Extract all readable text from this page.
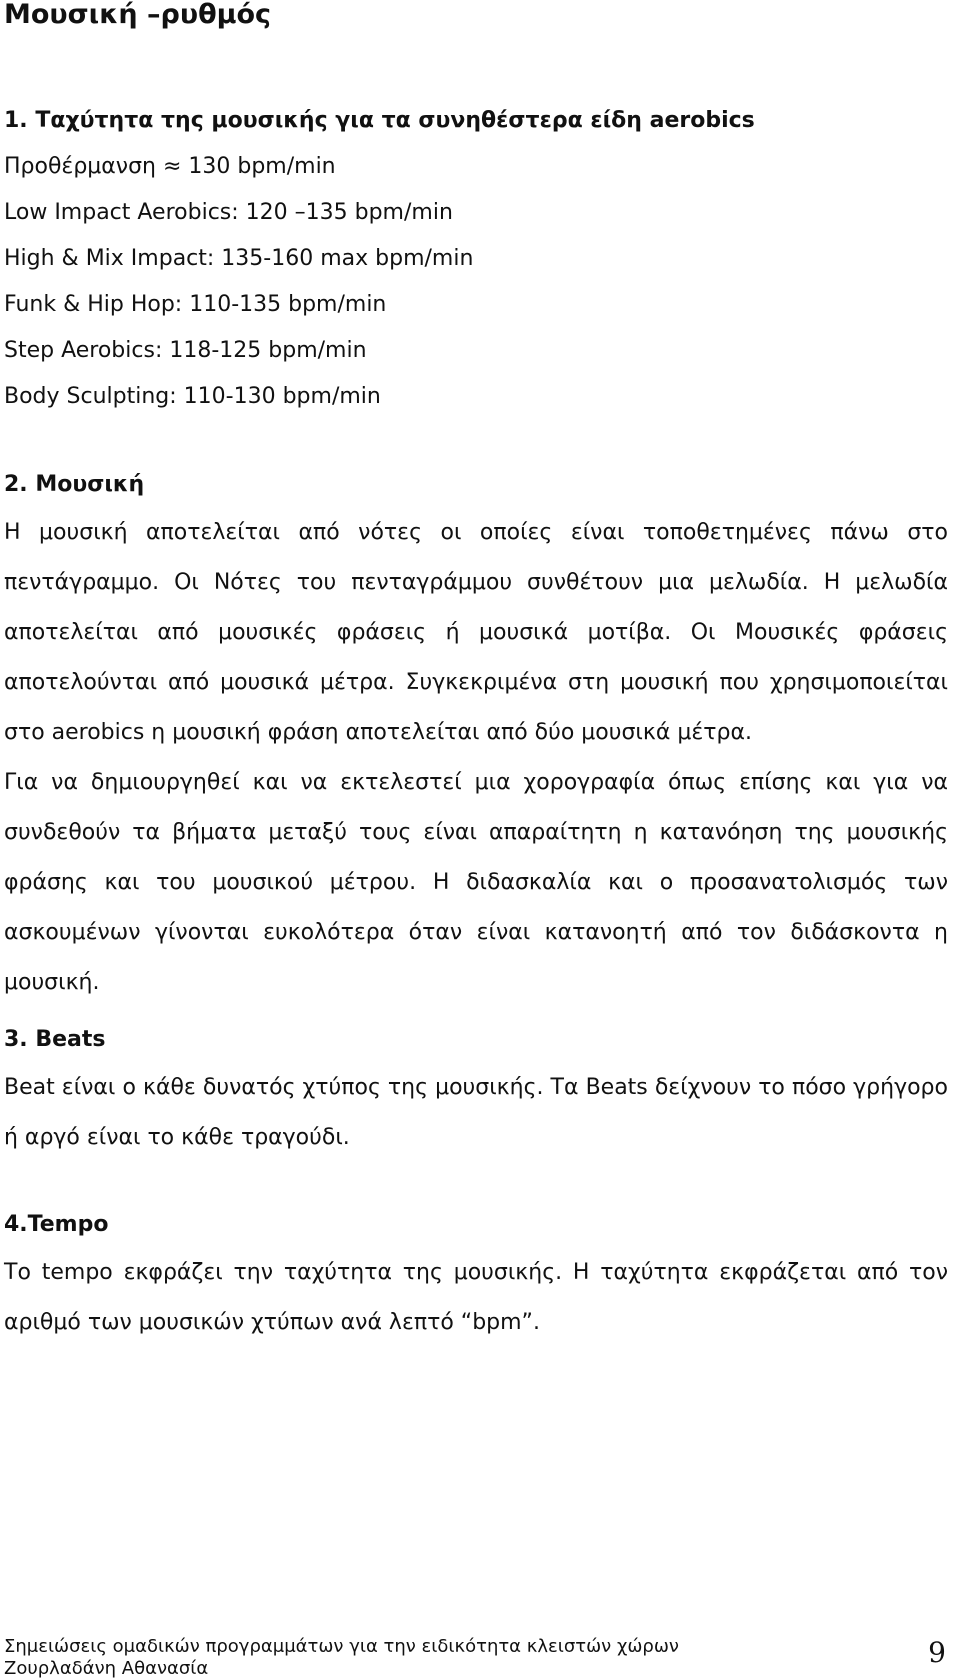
Μουσική –ρυθμός
1. Ταχύτητα της μουσικής για τα συνηθέστερα είδη aerobics
Προθέρμανση ≈ 130 bpm/min
Low Impact Aerobics: 120 –135 bpm/min
High & Mix Impact: 135-160 max bpm/min
Funk & Hip Hop: 110-135 bpm/min
Step Aerobics: 118-125 bpm/min
Body Sculpting: 110-130 bpm/min
2. Μουσική

Η μουσική αποτελείται από νότες οι οποίες είναι τοποθετημένες πάνω στο πεντάγραμμο. Οι Νότες του πενταγράμμου συνθέτουν μια μελωδία. Η μελωδία αποτελείται από μουσικές φράσεις ή μουσικά μοτίβα. Οι Μουσικές φράσεις αποτελούνται από μουσικά μέτρα. Συγκεκριμένα στη μουσική που χρησιμοποιείται στο aerobics η μουσική φράση αποτελείται από δύο μουσικά μέτρα.

Για να δημιουργηθεί και να εκτελεστεί μια χορογραφία όπως επίσης και για να συνδεθούν τα βήματα μεταξύ τους είναι απαραίτητη η κατανόηση της μουσικής φράσης και του μουσικού μέτρου. Η διδασκαλία και ο προσανατολισμός των ασκουμένων γίνονται ευκολότερα όταν είναι κατανοητή από τον διδάσκοντα η μουσική.

3. Beats

Beat είναι ο κάθε δυνατός χτύπος της μουσικής. Τα Beats δείχνουν το πόσο γρήγορο ή αργό είναι το κάθε τραγούδι.

4.Tempo

Το tempo εκφράζει την ταχύτητα της μουσικής. Η ταχύτητα εκφράζεται από τον αριθμό των μουσικών χτύπων ανά λεπτό “bpm”.

Σημειώσεις ομαδικών προγραμμάτων για την ειδικότητα κλειστών χώρων
Ζουρλαδάνη Αθανασία	9
